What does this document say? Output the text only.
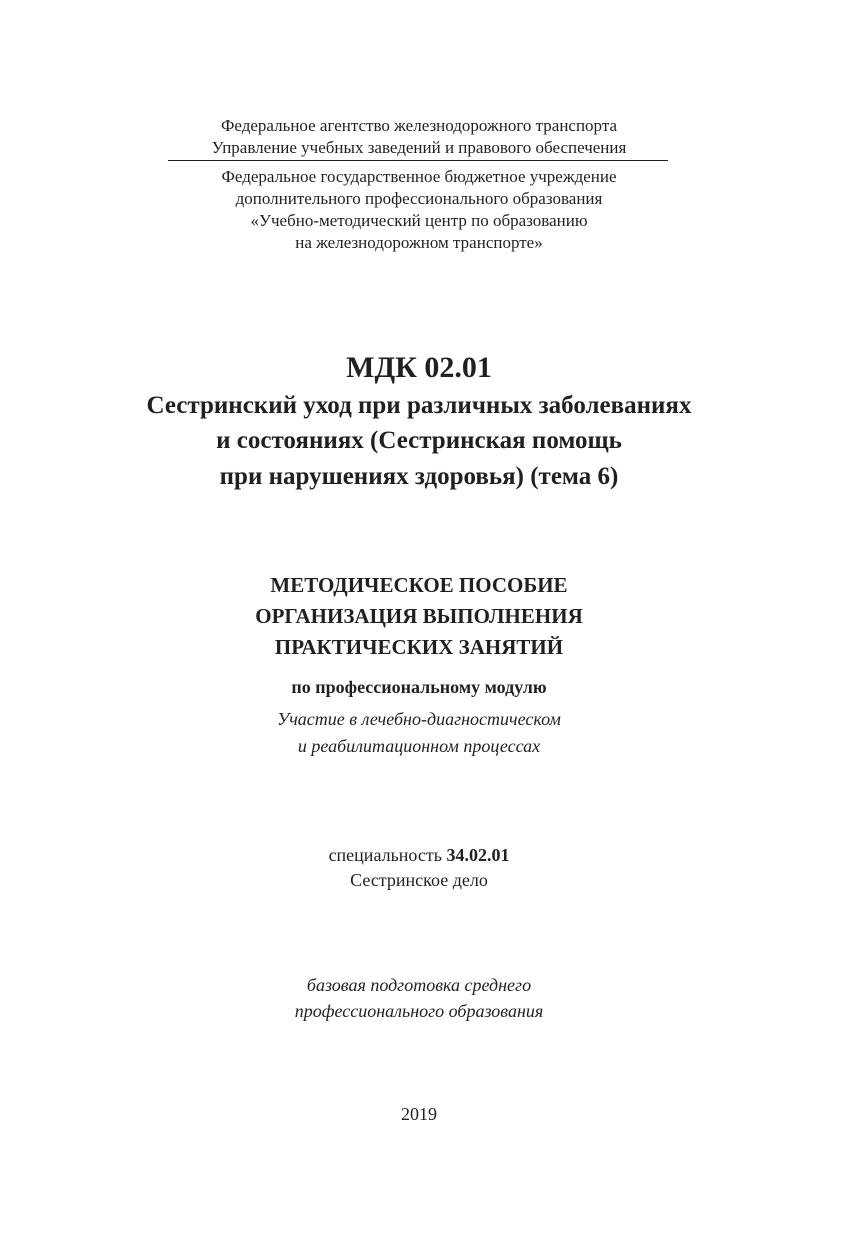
Федеральное агентство железнодорожного транспорта
Управление учебных заведений и правового обеспечения
Федеральное государственное бюджетное учреждение
дополнительного профессионального образования
«Учебно-методический центр по образованию
на железнодорожном транспорте»
МДК 02.01
Сестринский уход при различных заболеваниях
и состояниях (Сестринская помощь
при нарушениях здоровья) (тема 6)
МЕТОДИЧЕСКОЕ ПОСОБИЕ
ОРГАНИЗАЦИЯ ВЫПОЛНЕНИЯ
ПРАКТИЧЕСКИХ ЗАНЯТИЙ
по профессиональному модулю
Участие в лечебно-диагностическом
и реабилитационном процессах
специальность 34.02.01
Сестринское дело
базовая подготовка среднего
профессионального образования
2019
